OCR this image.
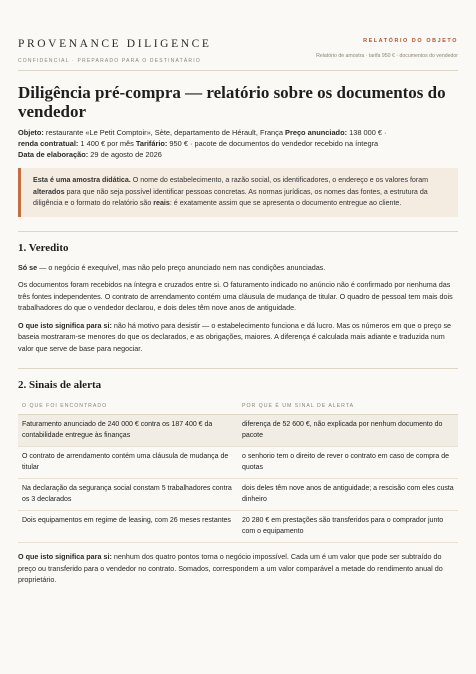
PROVENANCE DILIGENCE
CONFIDENCIAL · PREPARADO PARA O DESTINATÁRIO
RELATÓRIO DO OBJETO
Relatório de amostra · tarifa 950 € · documentos do vendedor
Diligência pré-compra — relatório sobre os documentos do vendedor
Objeto: restaurante «Le Petit Comptoir», Sète, departamento de Hérault, França Preço anunciado: 138 000 € ·
renda contratual: 1 400 € por mês Tarifário: 950 € · pacote de documentos do vendedor recebido na íntegra
Data de elaboração: 29 de agosto de 2026
Esta é uma amostra didática. O nome do estabelecimento, a razão social, os identificadores, o endereço e os valores foram alterados para que não seja possível identificar pessoas concretas. As normas jurídicas, os nomes das fontes, a estrutura da diligência e o formato do relatório são reais: é exatamente assim que se apresenta o documento entregue ao cliente.
1. Veredito

Só se — o negócio é exequível, mas não pelo preço anunciado nem nas condições anunciadas.

Os documentos foram recebidos na íntegra e cruzados entre si. O faturamento indicado no anúncio não é confirmado por nenhuma das três fontes independentes. O contrato de arrendamento contém uma cláusula de mudança de titular. O quadro de pessoal tem mais dois trabalhadores do que o vendedor declarou, e dois deles têm nove anos de antiguidade.

O que isto significa para si: não há motivo para desistir — o estabelecimento funciona e dá lucro. Mas os números em que o preço se baseia mostraram-se menores do que os declarados, e as obrigações, maiores. A diferença é calculada mais adiante e traduzida num valor que serve de base para negociar.

2. Sinais de alerta
O QUE FOI ENCONTRADO	POR QUE É UM SINAL DE ALERTA
Faturamento anunciado de 240 000 € contra os 187 400 € da contabilidade entregue às finanças	diferença de 52 600 €, não explicada por nenhum documento do pacote
O contrato de arrendamento contém uma cláusula de mudança de titular	o senhorio tem o direito de rever o contrato em caso de compra de quotas
Na declaração da segurança social constam 5 trabalhadores contra os 3 declarados	dois deles têm nove anos de antiguidade; a rescisão com eles custa dinheiro
Dois equipamentos em regime de leasing, com 26 meses restantes	20 280 € em prestações são transferidos para o comprador junto com o equipamento

O que isto significa para si: nenhum dos quatro pontos torna o negócio impossível. Cada um é um valor que pode ser subtraído do preço ou transferido para o vendedor no contrato. Somados, correspondem a um valor comparável a metade do rendimento anual do proprietário.
